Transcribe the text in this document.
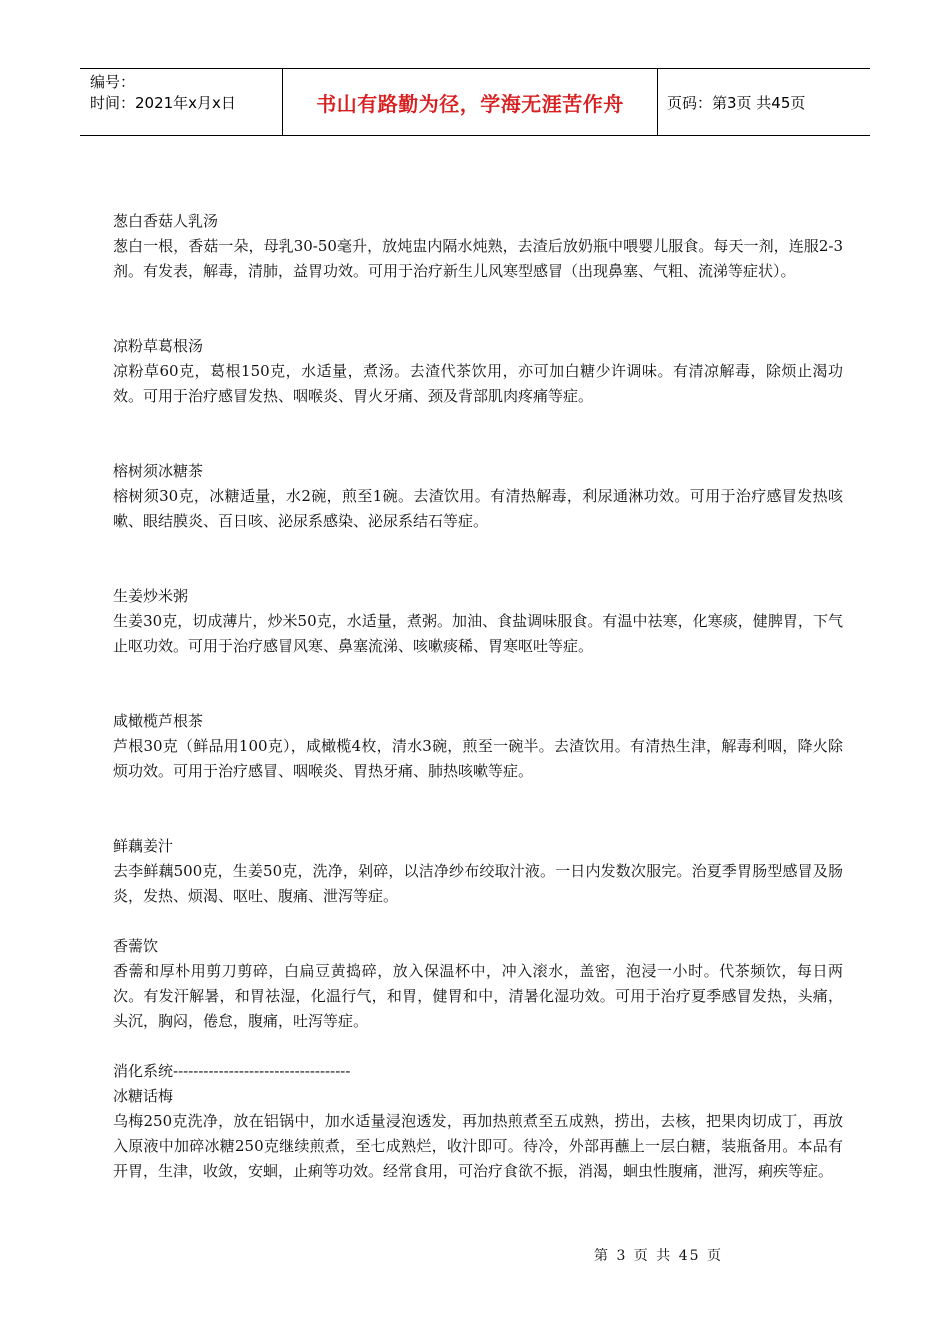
编号：
时间：2021年x月x日	书山有路勤为径，学海无涯苦作舟	页码：第3页 共45页

葱白香菇人乳汤

葱白一根，香菇一朵，母乳30-50毫升，放炖盅内隔水炖熟，去渣后放奶瓶中喂婴儿服食。每天一剂，连服2-3剂。有发表，解毒，清肺，益胃功效。可用于治疗新生儿风寒型感冒（出现鼻塞、气粗、流涕等症状）。

凉粉草葛根汤

凉粉草60克，葛根150克，水适量，煮汤。去渣代茶饮用，亦可加白糖少许调味。有清凉解毒，除烦止渴功效。可用于治疗感冒发热、咽喉炎、胃火牙痛、颈及背部肌肉疼痛等症。

榕树须冰糖茶

榕树须30克，冰糖适量，水2碗，煎至1碗。去渣饮用。有清热解毒，利尿通淋功效。可用于治疗感冒发热咳嗽、眼结膜炎、百日咳、泌尿系感染、泌尿系结石等症。

生姜炒米粥

生姜30克，切成薄片，炒米50克，水适量，煮粥。加油、食盐调味服食。有温中祛寒，化寒痰，健脾胃，下气止呕功效。可用于治疗感冒风寒、鼻塞流涕、咳嗽痰稀、胃寒呕吐等症。

咸橄榄芦根茶

芦根30克（鲜品用100克），咸橄榄4枚，清水3碗，煎至一碗半。去渣饮用。有清热生津，解毒利咽，降火除烦功效。可用于治疗感冒、咽喉炎、胃热牙痛、肺热咳嗽等症。

鲜藕姜汁

去李鲜藕500克，生姜50克，洗净，剁碎，以洁净纱布绞取汁液。一日内发数次服完。治夏季胃肠型感冒及肠炎，发热、烦渴、呕吐、腹痛、泄泻等症。

香薷饮

香薷和厚朴用剪刀剪碎，白扁豆黄捣碎，放入保温杯中，冲入滚水，盖密，泡浸一小时。代茶频饮，每日两次。有发汗解暑，和胃祛湿，化温行气，和胃，健胃和中，清暑化湿功效。可用于治疗夏季感冒发热，头痛，头沉，胸闷，倦怠，腹痛，吐泻等症。

消化系统-----------------------------------

冰糖话梅

乌梅250克洗净，放在铝锅中，加水适量浸泡透发，再加热煎煮至五成熟，捞出，去核，把果肉切成丁，再放入原液中加碎冰糖250克继续煎煮，至七成熟烂，收汁即可。待冷，外部再蘸上一层白糖，装瓶备用。本品有开胃，生津，收敛，安蛔，止痢等功效。经常食用，可治疗食欲不振，消渴，蛔虫性腹痛，泄泻，痢疾等症。

第 3 页 共 45 页
